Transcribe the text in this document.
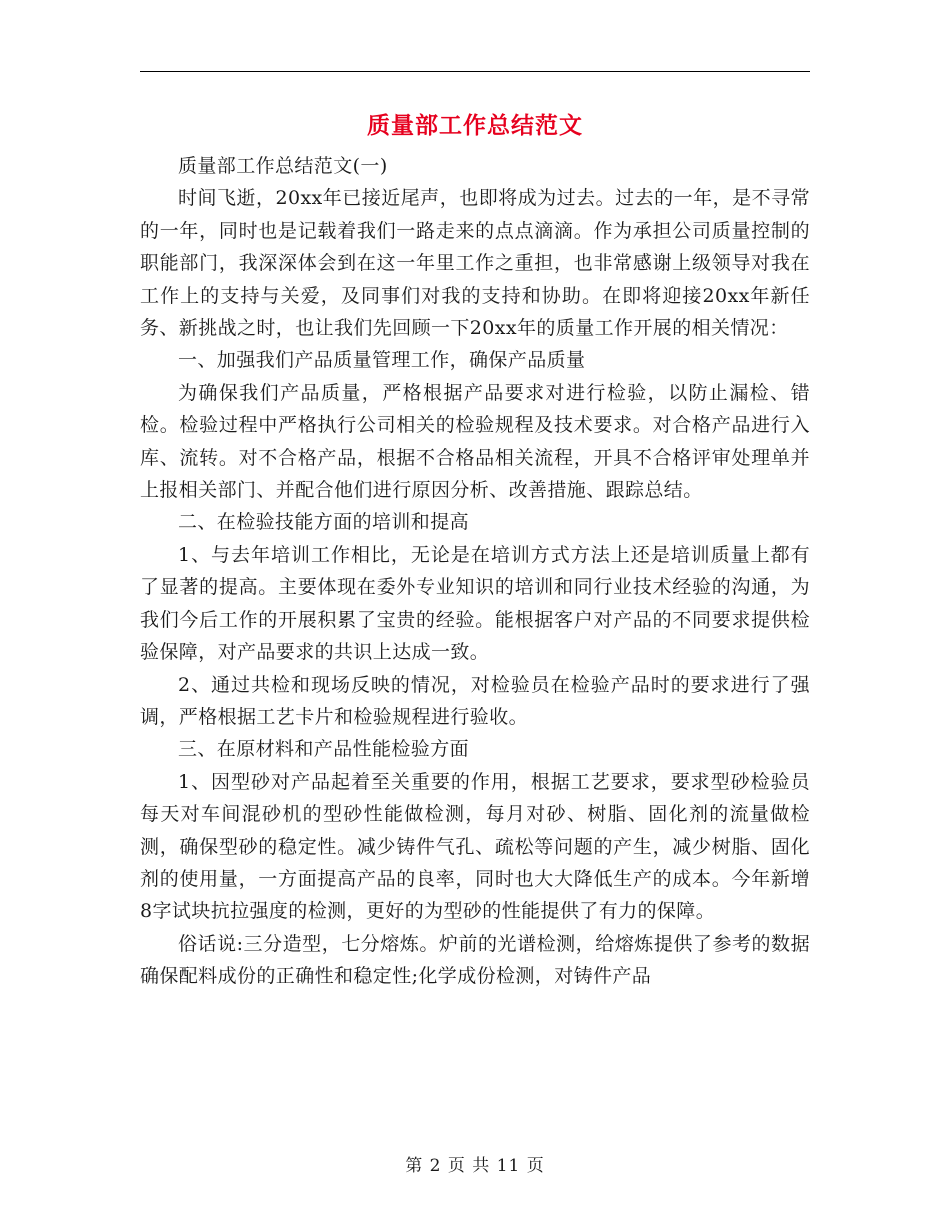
质量部工作总结范文

质量部工作总结范文(一)

时间飞逝，20xx年已接近尾声，也即将成为过去。过去的一年，是不寻常的一年，同时也是记载着我们一路走来的点点滴滴。作为承担公司质量控制的职能部门，我深深体会到在这一年里工作之重担，也非常感谢上级领导对我在工作上的支持与关爱，及同事们对我的支持和协助。在即将迎接20xx年新任务、新挑战之时，也让我们先回顾一下20xx年的质量工作开展的相关情况：

一、加强我们产品质量管理工作，确保产品质量

为确保我们产品质量，严格根据产品要求对进行检验，以防止漏检、错检。检验过程中严格执行公司相关的检验规程及技术要求。对合格产品进行入库、流转。对不合格产品，根据不合格品相关流程，开具不合格评审处理单并上报相关部门、并配合他们进行原因分析、改善措施、跟踪总结。

二、在检验技能方面的培训和提高

1、与去年培训工作相比，无论是在培训方式方法上还是培训质量上都有了显著的提高。主要体现在委外专业知识的培训和同行业技术经验的沟通，为我们今后工作的开展积累了宝贵的经验。能根据客户对产品的不同要求提供检验保障，对产品要求的共识上达成一致。

2、通过共检和现场反映的情况，对检验员在检验产品时的要求进行了强调，严格根据工艺卡片和检验规程进行验收。

三、在原材料和产品性能检验方面

1、因型砂对产品起着至关重要的作用，根据工艺要求，要求型砂检验员每天对车间混砂机的型砂性能做检测，每月对砂、树脂、固化剂的流量做检测，确保型砂的稳定性。减少铸件气孔、疏松等问题的产生，减少树脂、固化剂的使用量，一方面提高产品的良率，同时也大大降低生产的成本。今年新增8字试块抗拉强度的检测，更好的为型砂的性能提供了有力的保障。

俗话说:三分造型，七分熔炼。炉前的光谱检测，给熔炼提供了参考的数据确保配料成份的正确性和稳定性;化学成份检测，对铸件产品

第 2 页 共 11 页
